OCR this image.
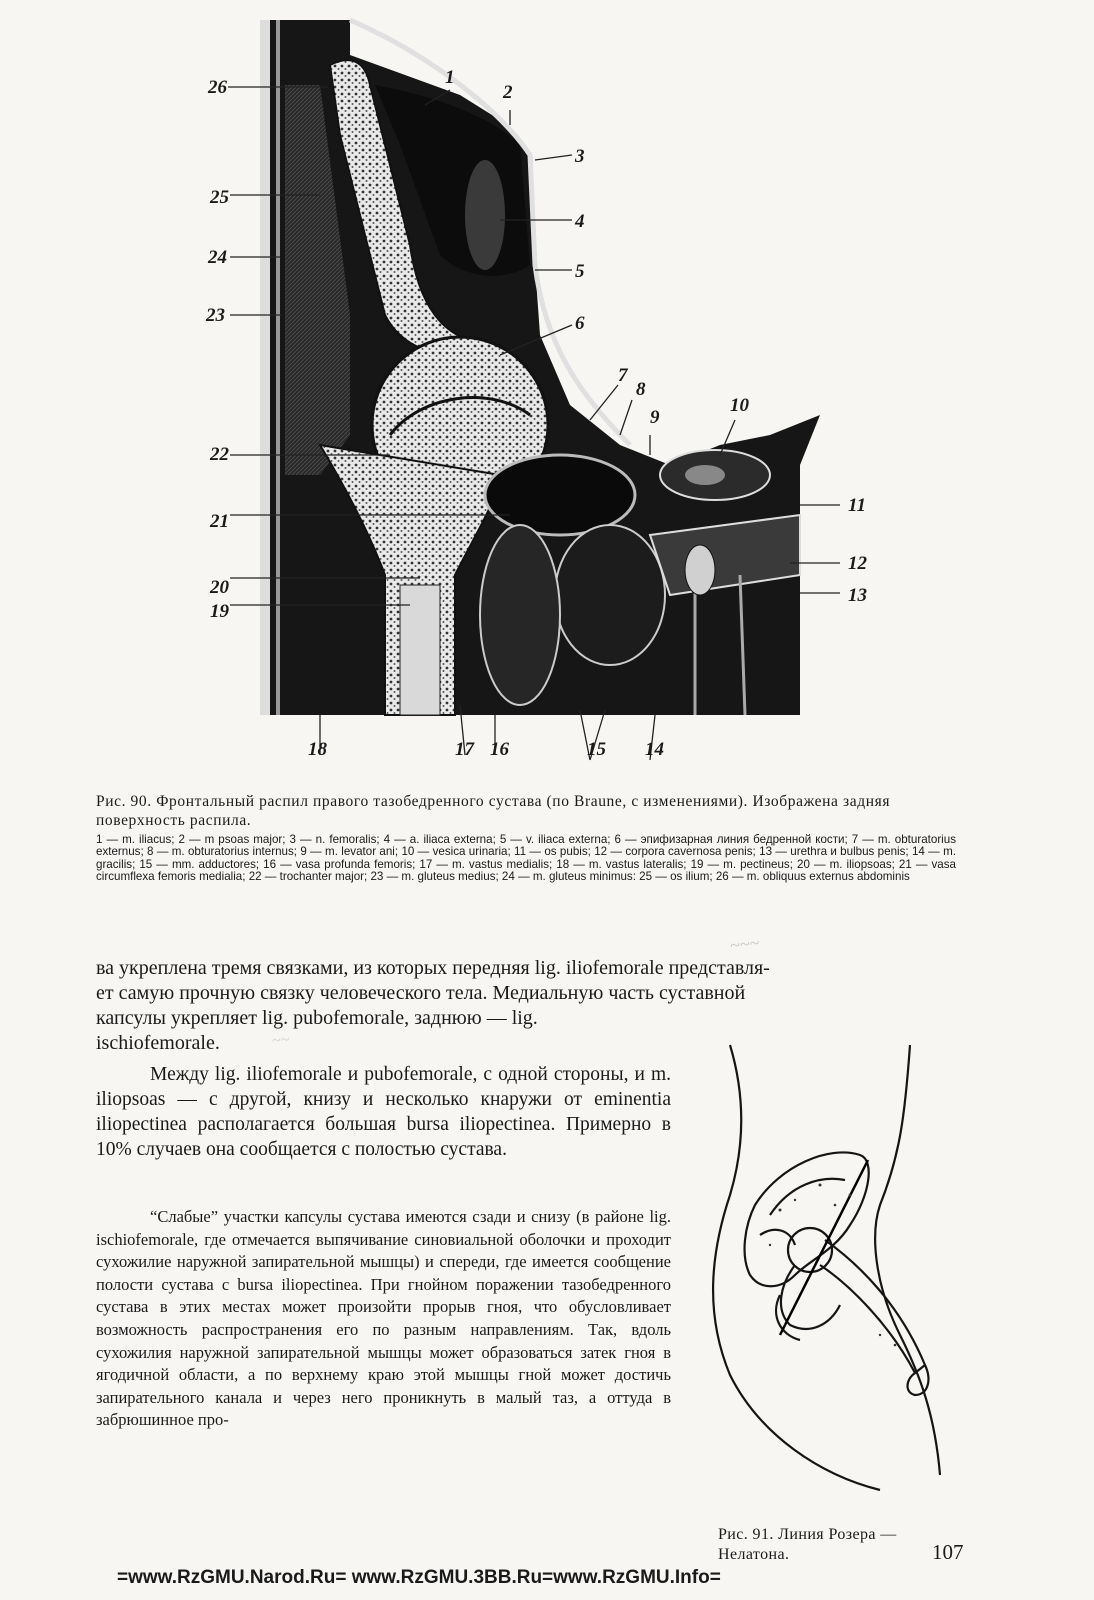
1
2
3
4
5
6
7
8
9
10
11
12
13
14
15
16
17
18
19
20
21
22
23
24
25
26
Рис. 90. Фронтальный распил правого тазобедренного сустава (по Braune, с изменениями). Изображена задняя поверхность распила.
1 — m. iliacus; 2 — m psoas major; 3 — n. femoralis; 4 — a. iliaca externa; 5 — v. iliaca externa; 6 — эпифизарная линия бедренной кости; 7 — m. obturatorius externus; 8 — m. obturatorius internus; 9 — m. levator ani; 10 — vesica urinaria; 11 — os pubis; 12 — corpora cavernosa penis; 13 — urethra и bulbus penis; 14 — m. gracilis; 15 — mm. adductores; 16 — vasa profunda femoris; 17 — m. vastus medialis; 18 — m. vastus lateralis; 19 — m. pectineus; 20 — m. iliopsoas; 21 — vasa circumflexa femoris medialia; 22 — trochanter major; 23 — m. gluteus medius; 24 — m. gluteus minimus: 25 — os ilium; 26 — m. obliquus externus abdominis
~~~
ва укреплена тремя связками, из которых передняя lig. iliofemorale представля-
ет самую прочную связку человеческого тела. Медиальную часть суставной
капсулы укрепляет lig. pubofemorale, заднюю — lig.
ischiofemorale.	~~
Между lig. iliofemorale и pubofemorale, с одной стороны, и m. iliopsoas — с другой, книзу и несколько кнаружи от eminentia iliopectinea располагается большая bursa iliopectinea. Примерно в 10% случаев она сообщается с полостью сустава.
“Слабые” участки капсулы сустава имеются сзади и снизу (в районе lig. ischiofemorale, где отмечается выпячивание синовиальной оболочки и проходит сухожилие наружной запирательной мышцы) и спереди, где имеется сообщение полости сустава с bursa iliopectinea. При гнойном поражении тазобедренного сустава в этих местах может произойти прорыв гноя, что обусловливает возможность распространения его по разным направлениям. Так, вдоль сухожилия наружной запирательной мышцы может образоваться затек гноя в ягодичной области, а по верхнему краю этой мышцы гной может достичь запирательного канала и через него проникнуть в малый таз, а оттуда в забрюшинное про-
Рис. 91. Линия Розера — Нелатона.	107
=www.RzGMU.Narod.Ru= www.RzGMU.3BB.Ru=www.RzGMU.Info=
